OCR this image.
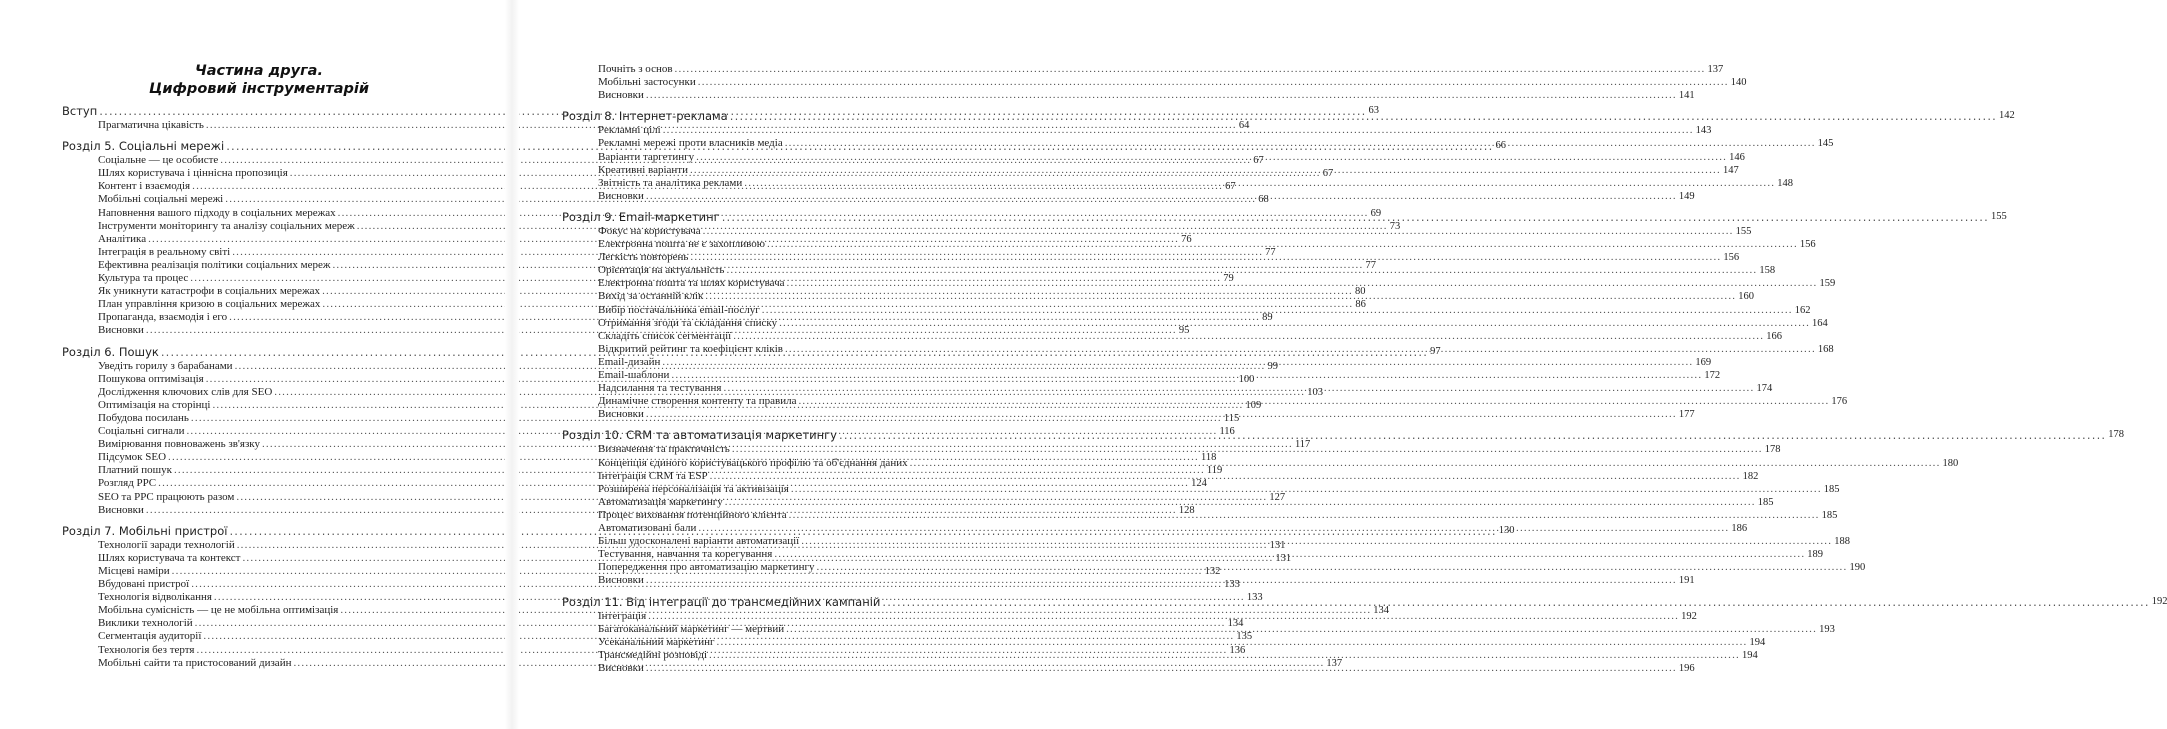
Частина друга.
Цифровий інструментарій
Вступ .....	63
Прагматична цікавість .....	64
Розділ 5. Соціальні мережі .....	66
Соціальне — це особисте .....	67
Шлях користувача і ціннісна пропозиція .....	67
Контент і взаємодія .....	67
Мобільні соціальні мережі .....	68
Наповнення вашого підходу в соціальних мережах .....	69
Інструменти моніторингу та аналізу соціальних мереж .....	73
Аналітика .....	76
Інтеграція в реальному світі .....	77
Ефективна реалізація політики соціальних мереж .....	77
Культура та процес .....	79
Як уникнути катастрофи в соціальних мережах .....	80
План управління кризою в соціальних мережах .....	86
Пропаганда, взаємодія і его .....	89
Висновки .....	95
Розділ 6. Пошук .....	97
Уведіть горилу з барабанами .....	99
Пошукова оптимізація .....	100
Дослідження ключових слів для SEO .....	103
Оптимізація на сторінці .....	109
Побудова посилань .....	115
Соціальні сигнали .....	116
Вимірювання повноважень зв'язку .....	117
Підсумок SEO .....	118
Платний пошук .....	119
Розгляд PPC .....	124
SEO та PPC працюють разом .....	127
Висновки .....	128
Розділ 7. Мобільні пристрої .....	130
Технології заради технологій .....	131
Шлях користувача та контекст .....	131
Місцеві наміри .....	132
Вбудовані пристрої .....	133
Технологія відволікання .....	133
Мобільна сумісність — це не мобільна оптимізація .....	134
Виклики технологій .....	134
Сегментація аудиторії .....	135
Технологія без тертя .....	136
Мобільні сайти та пристосований дизайн .....	137
Почніть з основ .....	137
Мобільні застосунки .....	140
Висновки .....	141
Розділ 8. Інтернет-реклама .....	142
Рекламні цілі .....	143
Рекламні мережі проти власників медіа .....	145
Варіанти таргетингу .....	146
Креативні варіанти .....	147
Звітність та аналітика реклами .....	148
Висновки .....	149
Розділ 9. Email-маркетинг .....	155
Фокус на користувача .....	155
Електронна пошта не є захопливою .....	156
Легкість повторень .....	156
Орієнтація на актуальність .....	158
Електронна пошта та шлях користувача .....	159
Вихід за останній клік .....	160
Вибір постачальника email-послуг .....	162
Отримання згоди та складання списку .....	164
Складіть список сегментації .....	166
Відкритий рейтинг та коефіцієнт кліків .....	168
Email-дизайн .....	169
Email-шаблони .....	172
Надсилання та тестування .....	174
Динамічне створення контенту та правила .....	176
Висновки .....	177
Розділ 10. CRM та автоматизація маркетингу .....	178
Визначення та практичність .....	178
Концепція єдиного користувацького профілю та об'єднання даних .....	180
Інтеграція CRM та ESP .....	182
Розширена персоналізація та активізація .....	185
Автоматизація маркетингу .....	185
Процес виховання потенційного клієнта .....	185
Автоматизовані бали .....	186
Більш удосконалені варіанти автоматизації .....	188
Тестування, навчання та корегування .....	189
Попередження про автоматизацію маркетингу .....	190
Висновки .....	191
Розділ 11. Від інтеграції до трансмедійних кампаній .....	192
Інтеграція .....	192
Багатоканальний маркетинг — мертвий .....	193
Усеканальний маркетинг .....	194
Трансмедійні розповіді .....	194
Висновки .....	196
